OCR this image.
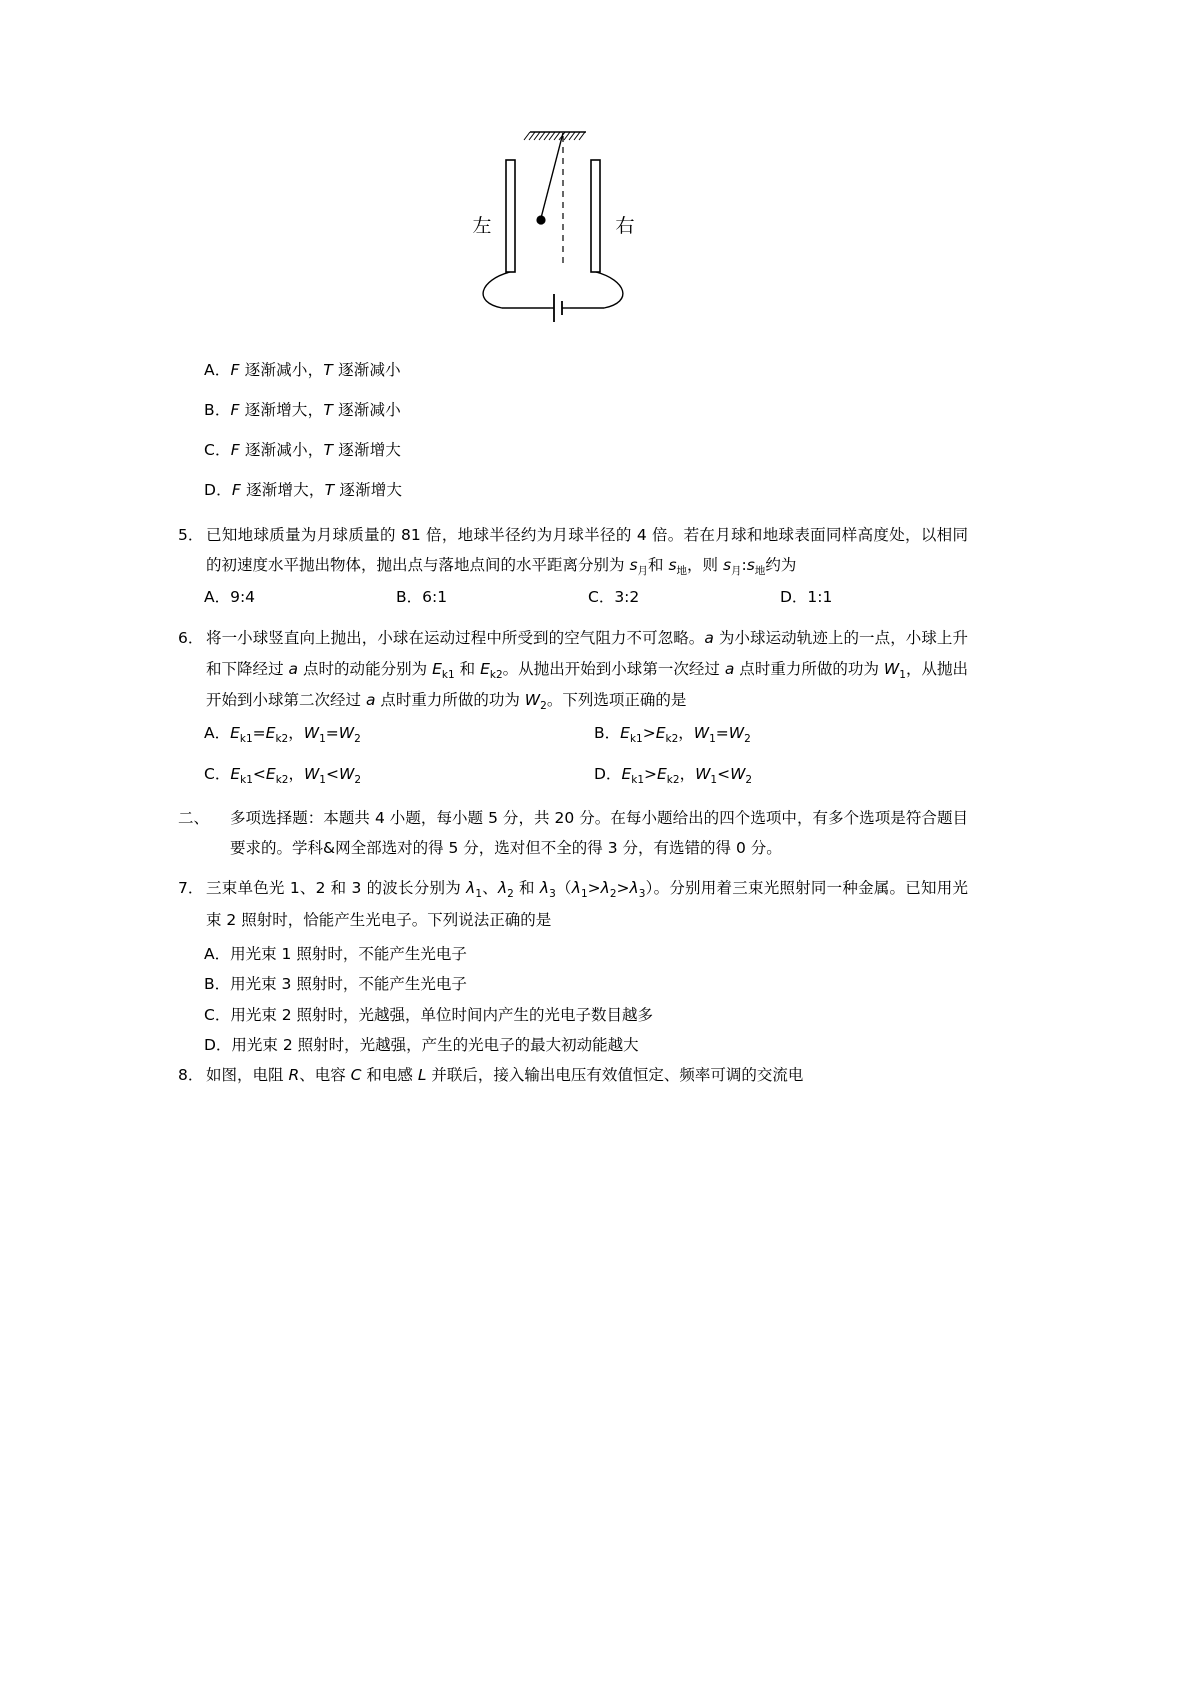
左	右
A．F 逐渐减小，T 逐渐减小
B．F 逐渐增大，T 逐渐减小
C．F 逐渐减小，T 逐渐增大
D．F 逐渐增大，T 逐渐增大
5． 已知地球质量为月球质量的 81 倍，地球半径约为月球半径的 4 倍。若在月球和地球表面同样高度处，以相同的初速度水平抛出物体，抛出点与落地点间的水平距离分别为 $s_月$和 $s_地$，则 $s_月:s_地$约为
A．9:4	B．6:1	C．3:2	D．1:1
6． 将一小球竖直向上抛出，小球在运动过程中所受到的空气阻力不可忽略。a 为小球运动轨迹上的一点，小球上升和下降经过 a 点时的动能分别为 $E_{k1}$ 和 $E_{k2}$。从抛出开始到小球第一次经过 a 点时重力所做的功为 $W_1$，从抛出开始到小球第二次经过 a 点时重力所做的功为 $W_2$。下列选项正确的是
A．$E_{k1}=E_{k2}$，$W_1=W_2$	B．$E_{k1}>E_{k2}$，$W_1=W_2$
C．$E_{k1}<E_{k2}$，$W_1<W_2$	D．$E_{k1}>E_{k2}$，$W_1<W_2$
二、	多项选择题：本题共 4 小题，每小题 5 分，共 20 分。在每小题给出的四个选项中，有多个选项是符合题目要求的。学科&网全部选对的得 5 分，选对但不全的得 3 分，有选错的得 0 分。
7． 三束单色光 1、2 和 3 的波长分别为 $\lambda_1$、$\lambda_2$ 和 $\lambda_3(\lambda_1>\lambda_2>\lambda_3)$。分别用着三束光照射同一种金属。已知用光束 2 照射时，恰能产生光电子。下列说法正确的是
A．用光束 1 照射时，不能产生光电子
B．用光束 3 照射时，不能产生光电子
C．用光束 2 照射时，光越强，单位时间内产生的光电子数目越多
D．用光束 2 照射时，光越强，产生的光电子的最大初动能越大
8． 如图，电阻 R、电容 C 和电感 L 并联后，接入输出电压有效值恒定、频率可调的交流电
